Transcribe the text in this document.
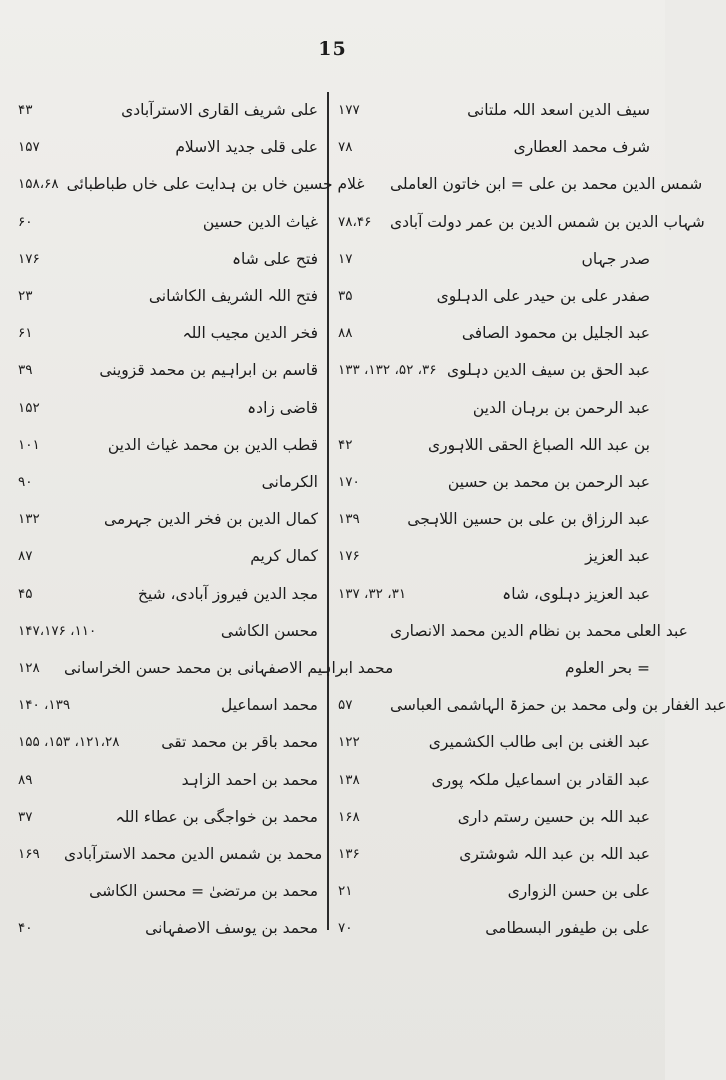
15
۴۳	علی شریف القاری الاسترآبادی
۱۵۷	علی قلی جدید الاسلام
۱۵۸،۶۸ غلام حسین خاں بن ہدایت علی خاں طباطبائی
۶۰	غیاث الدین حسین
۱۷۶	فتح علی شاہ
۲۳	فتح اللہ الشریف الکاشانی
۶۱	فخر الدین مجیب اللہ
۳۹	قاسم بن ابراہیم بن محمد قزوینی
۱۵۲	قاضی زادہ
۱۰۱	قطب الدین بن محمد غیاث الدین
۹۰	الکرمانی
۱۳۲	کمال الدین بن فخر الدین جہرمی
۸۷	کمال کریم
۴۵	مجد الدین فیروز آبادی، شیخ
۱۱۰، ۱۴۷،۱۷۶	محسن الکاشی
۱۲۸	محمد ابراہیم الاصفہانی بن محمد حسن الخراسانی
۱۳۹، ۱۴۰	محمد اسماعیل
۱۲۱،۲۸، ۱۵۳، ۱۵۵	محمد باقر بن محمد تقی
۸۹	محمد بن احمد الزاہد
۳۷	محمد بن خواجگی بن عطاء اللہ
۱۶۹	محمد بن شمس الدین محمد الاسترآبادی
محمد بن مرتضیٰ = محسن الکاشی
۴۰	محمد بن یوسف الاصفہانی
۱۷۷	سیف الدین اسعد اللہ ملتانی
۷۸	شرف محمد العطاری
شمس الدین محمد بن علی = ابن خاتون العاملی
۷۸،۴۶	شہاب الدین بن شمس الدین بن عمر دولت آبادی
۱۷	صدر جہاں
۳۵	صفدر علی بن حیدر علی الدہلوی
۸۸	عبد الجلیل بن محمود الصافی
۳۶، ۵۲، ۱۳۲، ۱۳۳ عبد الحق بن سیف الدین دہلوی
عبد الرحمن بن برہان الدین
۴۲	بن عبد اللہ الصباغ الحقی اللاہوری
۱۷۰	عبد الرحمن بن محمد بن حسین
۱۳۹	عبد الرزاق بن علی بن حسین اللاہجی
۱۷۶	عبد العزیز
۳۱، ۳۲، ۱۳۷	عبد العزیز دہلوی، شاہ
عبد العلی محمد بن نظام الدین محمد الانصاری
= بحر العلوم
۵۷	عبد الغفار بن ولی محمد بن حمزۃ الہاشمی العباسی
۱۲۲	عبد الغنی بن ابی طالب الکشمیری
۱۳۸	عبد القادر بن اسماعیل ملکہ پوری
۱۶۸	عبد اللہ بن حسین رستم داری
۱۳۶	عبد اللہ بن عبد اللہ شوشتری
۲۱	علی بن حسن الزواری
۷۰	علی بن طیفور البسطامی
